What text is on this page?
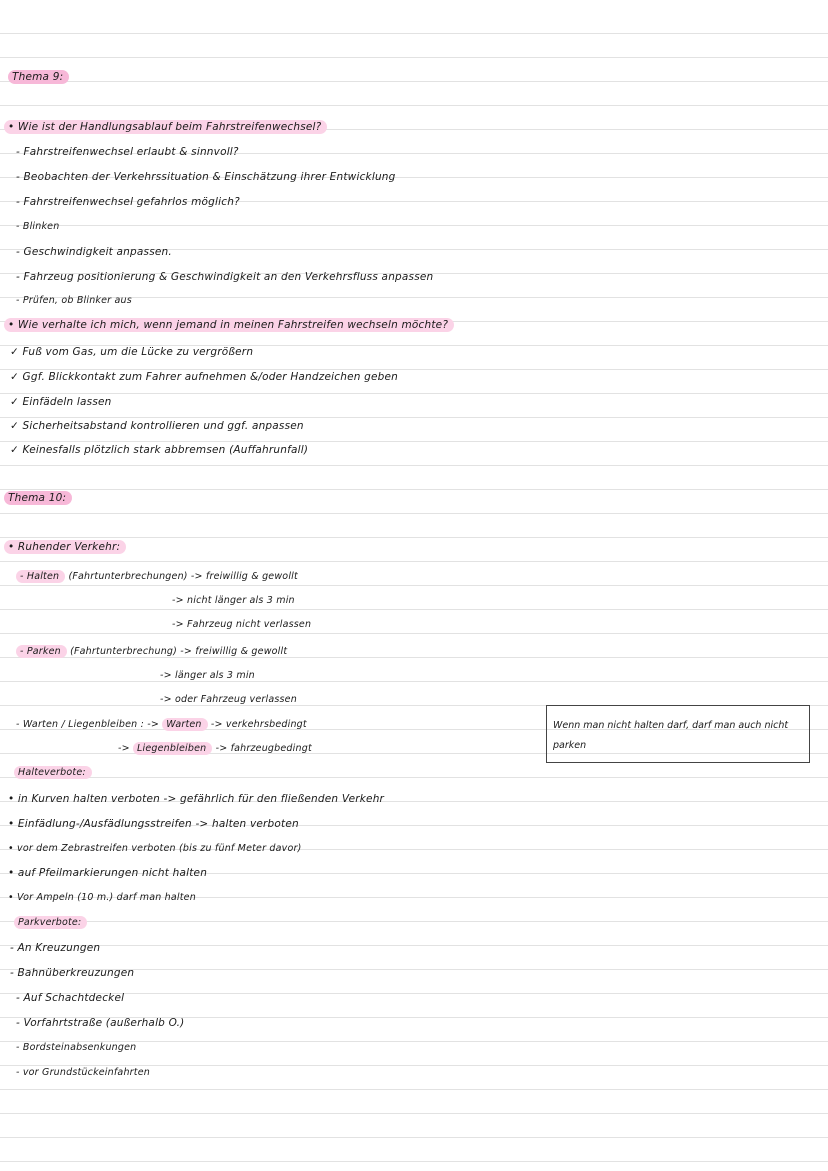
Thema 9:
• Wie ist der Handlungsablauf beim Fahrstreifenwechsel?
- Fahrstreifenwechsel erlaubt & sinnvoll?
- Beobachten der Verkehrssituation & Einschätzung ihrer Entwicklung
- Fahrstreifenwechsel gefahrlos möglich?
- Blinken
- Geschwindigkeit anpassen.
- Fahrzeug positionierung & Geschwindigkeit an den Verkehrsfluss anpassen
- Prüfen, ob Blinker aus
• Wie verhalte ich mich, wenn jemand in meinen Fahrstreifen wechseln möchte?
✓ Fuß vom Gas, um die Lücke zu vergrößern
✓ Ggf. Blickkontakt zum Fahrer aufnehmen &/oder Handzeichen geben
✓ Einfädeln lassen
✓ Sicherheitsabstand kontrollieren und ggf. anpassen
✓ Keinesfalls plötzlich stark abbremsen (Auffahrunfall)
Thema 10:
• Ruhender Verkehr:
- Halten (Fahrtunterbrechungen) -> freiwillig & gewollt
-> nicht länger als 3 min
-> Fahrzeug nicht verlassen
- Parken (Fahrtunterbrechung) -> freiwillig & gewollt
-> länger als 3 min
-> oder Fahrzeug verlassen
- Warten / Liegenbleiben : -> Warten -> verkehrsbedingt
-> Liegenbleiben -> fahrzeugbedingt
Wenn man nicht halten darf, darf man auch nicht parken
Halteverbote:
• in Kurven halten verboten -> gefährlich für den fließenden Verkehr
• Einfädlung-/Ausfädlungsstreifen -> halten verboten
• vor dem Zebrastreifen verboten (bis zu fünf Meter davor)
• auf Pfeilmarkierungen nicht halten
• Vor Ampeln (10 m.) darf man halten
Parkverbote:
- An Kreuzungen
- Bahnüberkreuzungen
- Auf Schachtdeckel
- Vorfahrtstraße (außerhalb O.)
- Bordsteinabsenkungen
- vor Grundstückeinfahrten
